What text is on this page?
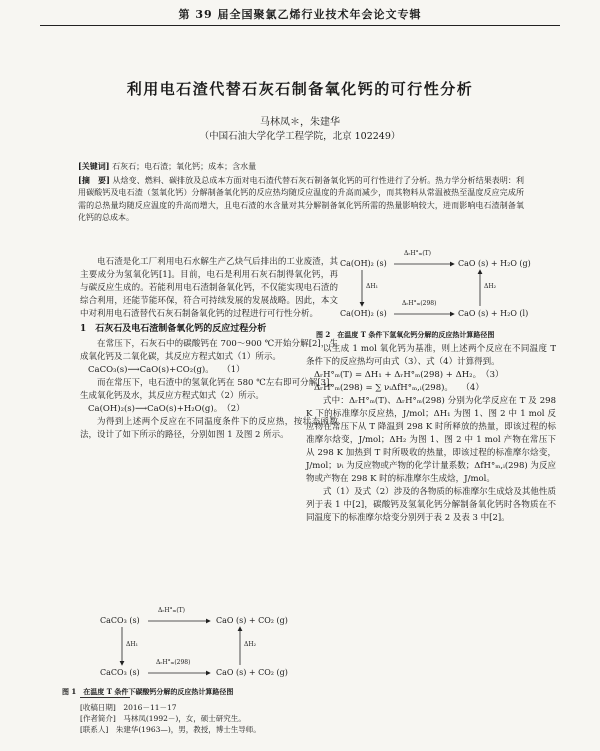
第 39 届全国聚氯乙烯行业技术年会论文专辑
利用电石渣代替石灰石制备氧化钙的可行性分析
马林凤＊，朱建华
（中国石油大学化学工程学院，北京 102249）
[关键词] 石灰石；电石渣；氧化钙；成本；含水量
[摘　要] 从焓变、燃料、碳排放及总成本方面对电石渣代替石灰石制备氧化钙的可行性进行了分析。热力学分析结果表明：利用碳酸钙及电石渣（氢氧化钙）分解制备氧化钙的反应热均随反应温度的升高而减少，而其物料从常温被热至温度反应完成所需的总热量均随反应温度的升高而增大，且电石渣的水含量对其分解制备氧化钙所需的热量影响较大，进而影响电石渣制备氧化钙的总成本。

电石渣是化工厂利用电石水解生产乙炔气后排出的工业废渣，其主要成分为氢氧化钙[1]。目前，电石是利用石灰石制得氧化钙，再与碳反应生成的。若能利用电石渣制备氧化钙，不仅能实现电石渣的综合利用，还能节能环保，符合可持续发展的发展战略。因此，本文中对利用电石渣替代石灰石制备氧化钙的过程进行可行性分析。

1　石灰石及电石渣制备氧化钙的反应过程分析

在常压下，石灰石中的碳酸钙在 700～900 ℃开始分解[2]，生成氧化钙及二氧化碳，其反应方程式如式（1）所示。

CaCO₃(s)⟶CaO(s)+CO₂(g)。　　（1）

而在常压下，电石渣中的氢氧化钙在 580 ℃左右即可分解[3]，生成氧化钙及水，其反应方程式如式（2）所示。

Ca(OH)₂(s)⟶CaO(s)+H₂O(g)。　（2）

为得到上述两个反应在不同温度条件下的反应热，按状态函数法，设计了如下所示的路径，分别如图 1 及图 2 所示。

CaCO₃ (s)	CaO (s) + CO₂ (g)
CaCO₃ (s)	CaO (s) + CO₂ (g)
ΔᵣH°ₘ(T)
ΔᵣH°ₘ(298)
ΔH₁	ΔH₂
图 1　在温度 T 条件下碳酸钙分解的反应热计算路径图
Ca(OH)₂ (s)	CaO (s) + H₂O (g)
Ca(OH)₂ (s)	CaO (s) + H₂O (l)
ΔᵣH°ₘ(T)
ΔᵣH°ₘ(298)
ΔH₁	ΔH₂
图 2　在温度 T 条件下氢氧化钙分解的反应热计算路径图

以生成 1 mol 氧化钙为基准，则上述两个反应在不同温度 T 条件下的反应热均可由式（3）、式（4）计算得到。

ΔᵣH°ₘ(T) = ΔH₁ + ΔᵣH°ₘ(298) + ΔH₂。　（3）

ΔᵣH°ₘ(298) = ∑ νᵢΔfH°ₘ,ᵢ(298)。　　（4）

式中：ΔᵣH°ₘ(T)、ΔᵣH°ₘ(298) 分别为化学反应在 T 及 298 K 下的标准摩尔反应热，J/mol；ΔH₁ 为图 1、图 2 中 1 mol 反应物在常压下从 T 降温到 298 K 时所释放的热量，即该过程的标准摩尔焓变，J/mol；ΔH₂ 为图 1、图 2 中 1 mol 产物在常压下从 298 K 加热到 T 时所吸收的热量，即该过程的标准摩尔焓变，J/mol；νᵢ 为反应物或产物的化学计量系数；ΔfH°ₘ,ᵢ(298) 为反应物或产物在 298 K 时的标准摩尔生成焓，J/mol。

式（1）及式（2）涉及的各物质的标准摩尔生成焓及其他性质列于表 1 中[2]，碳酸钙及氢氧化钙分解制备氧化钙时各物质在不同温度下的标准摩尔焓变分别列于表 2 及表 3 中[2]。

[收稿日期]　2016－11－17
[作者简介]　马林凤(1992－)，女，硕士研究生。
[联系人]　朱建华(1963—)，男，教授，博士生导师。
